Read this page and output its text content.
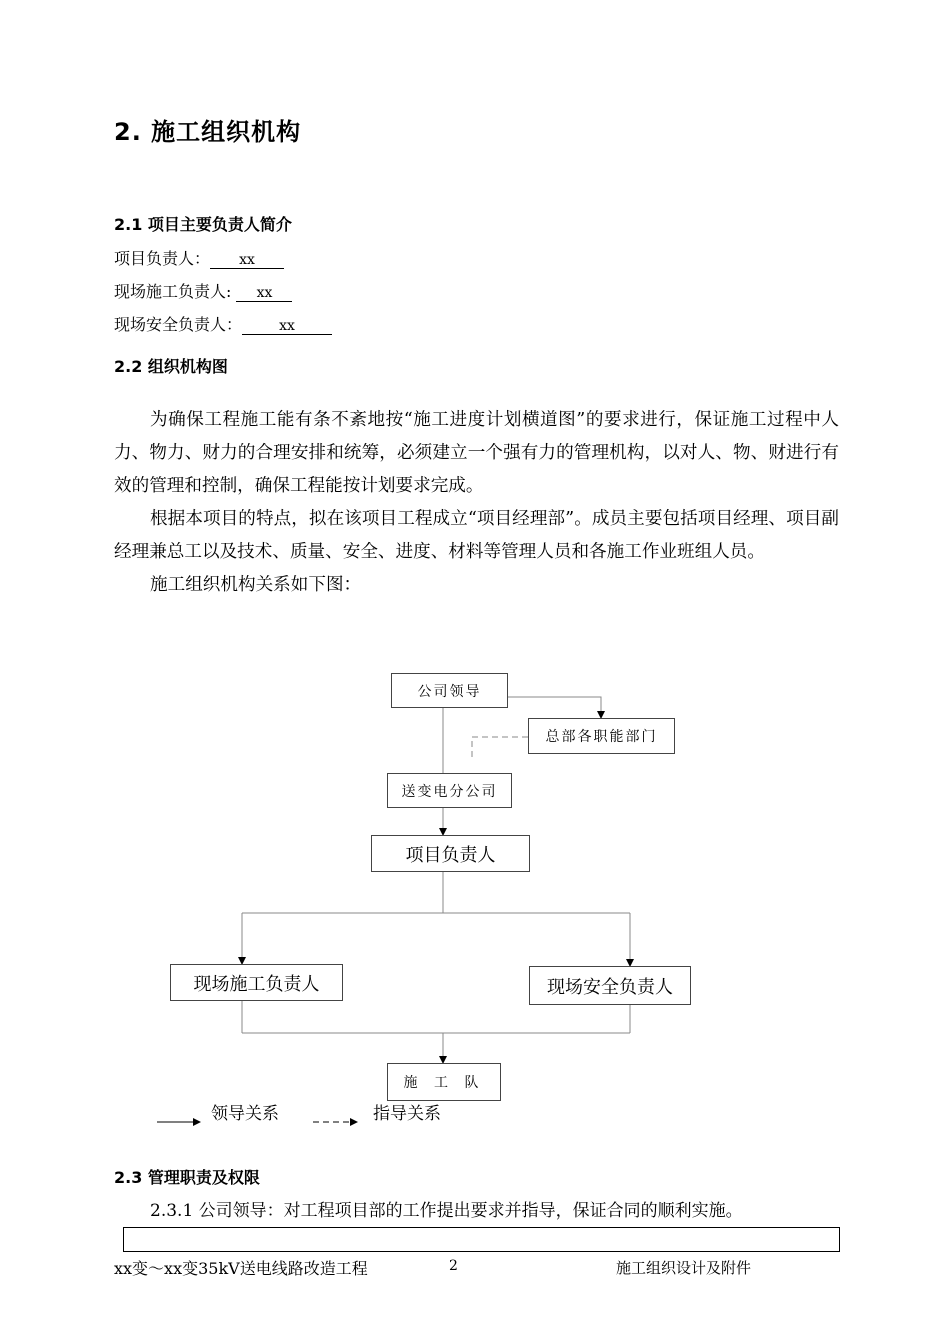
2. 施工组织机构
2.1 项目主要负责人简介
项目负责人： xx
现场施工负责人: xx
现场安全负责人：	xx
2.2 组织机构图

为确保工程施工能有条不紊地按“施工进度计划横道图”的要求进行，保证施工过程中人力、物力、财力的合理安排和统筹，必须建立一个强有力的管理机构，以对人、物、财进行有效的管理和控制，确保工程能按计划要求完成。

根据本项目的特点，拟在该项目工程成立“项目经理部”。成员主要包括项目经理、项目副经理兼总工以及技术、质量、安全、进度、材料等管理人员和各施工作业班组人员。

施工组织机构关系如下图：

公司领导
总部各职能部门
送变电分公司
项目负责人
现场施工负责人	现场安全负责人
施 工 队
领导关系	指导关系
2.3 管理职责及权限
2.3.1 公司领导：对工程项目部的工作提出要求并指导，保证合同的顺利实施。
xx变～xx变35kV送电线路改造工程	2	施工组织设计及附件
